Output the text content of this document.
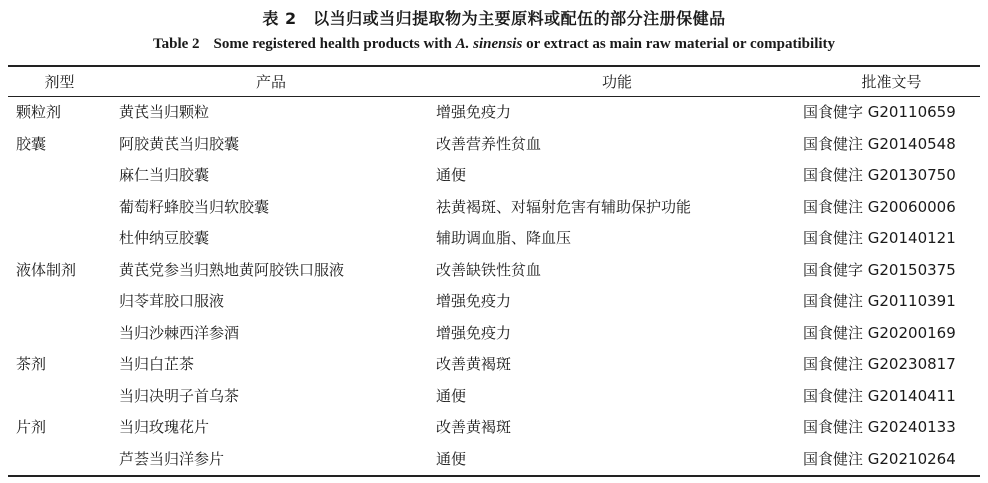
表 2　以当归或当归提取物为主要原料或配伍的部分注册保健品
Table 2 Some registered health products with A. sinensis or extract as main raw material or compatibility
剂型	产品	功能	批准文号
颗粒剂	黄芪当归颗粒	增强免疫力	国食健字 G20110659
胶囊	阿胶黄芪当归胶囊	改善营养性贫血	国食健注 G20140548
	麻仁当归胶囊	通便	国食健注 G20130750
	葡萄籽蜂胶当归软胶囊	祛黄褐斑、对辐射危害有辅助保护功能	国食健注 G20060006
	杜仲纳豆胶囊	辅助调血脂、降血压	国食健注 G20140121
液体制剂	黄芪党参当归熟地黄阿胶铁口服液	改善缺铁性贫血	国食健字 G20150375
	归苓茸胶口服液	增强免疫力	国食健注 G20110391
	当归沙棘西洋参酒	增强免疫力	国食健注 G20200169
茶剂	当归白芷茶	改善黄褐斑	国食健注 G20230817
	当归决明子首乌茶	通便	国食健注 G20140411
片剂	当归玫瑰花片	改善黄褐斑	国食健注 G20240133
	芦荟当归洋参片	通便	国食健注 G20210264
